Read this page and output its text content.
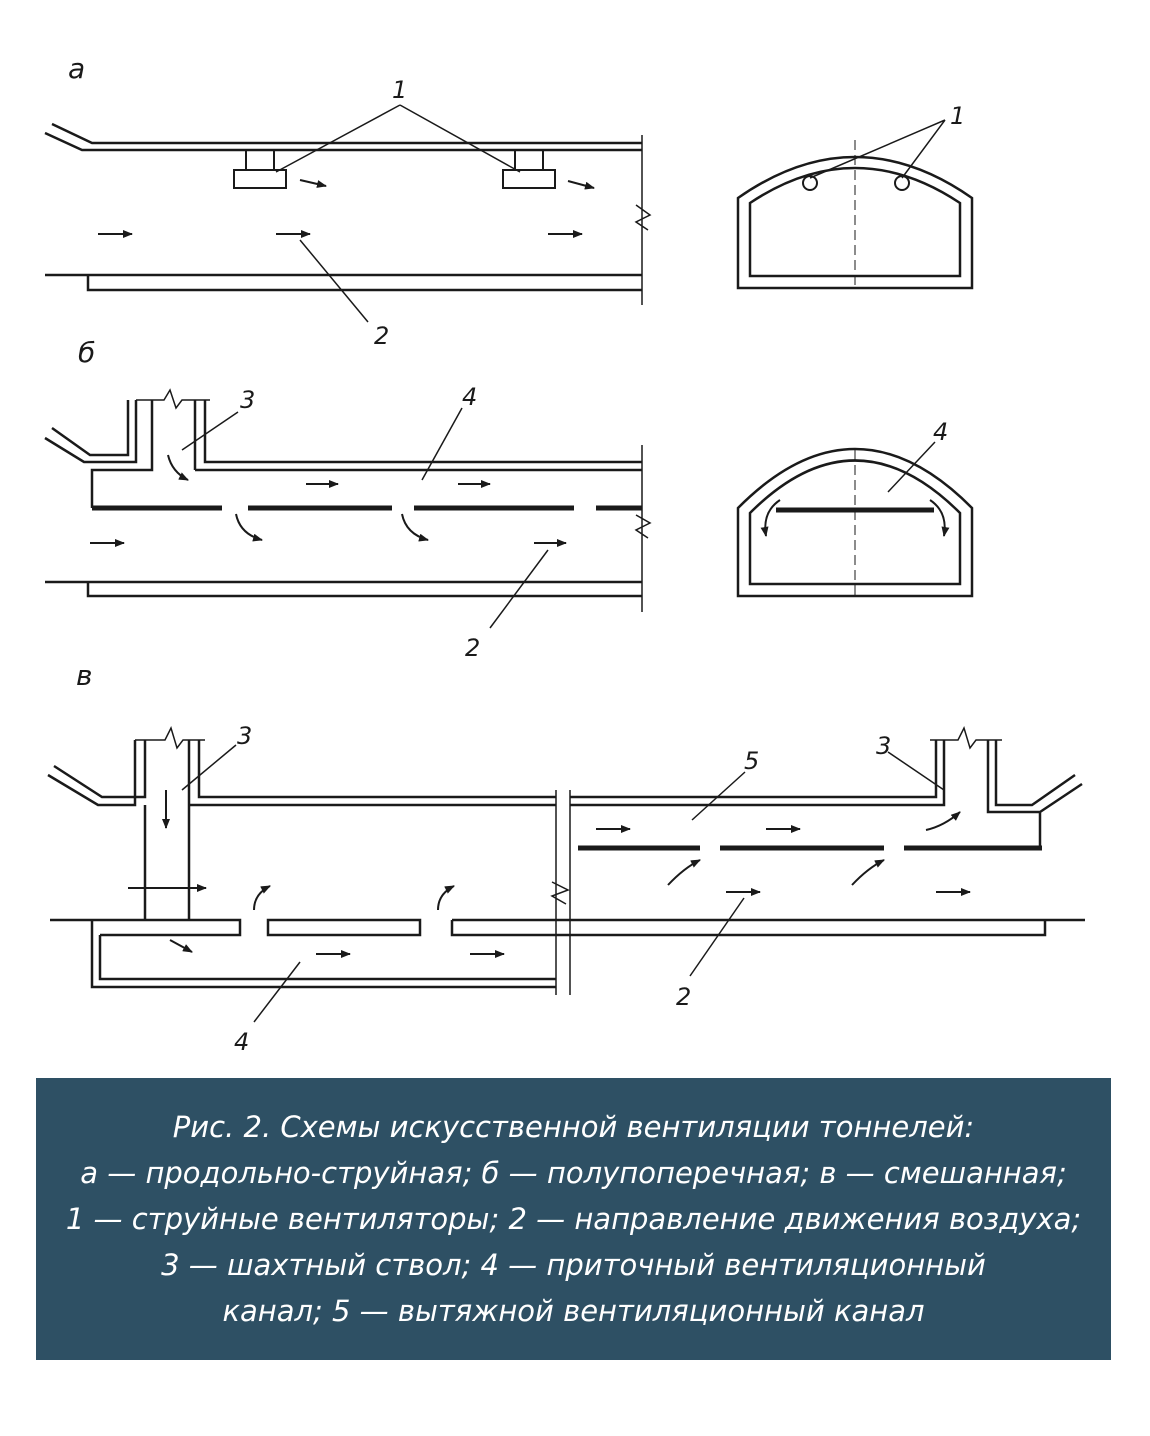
а
1
2
1
б
3	4
2
4
в
3	3
5
2
4
Рис. 2. Схемы искусственной вентиляции тоннелей:
а — продольно-струйная; б — полупоперечная; в — смешанная;
1 — струйные вентиляторы; 2 — направление движения воздуха;
3 — шахтный ствол; 4 — приточный вентиляционный
канал; 5 — вытяжной вентиляционный канал
